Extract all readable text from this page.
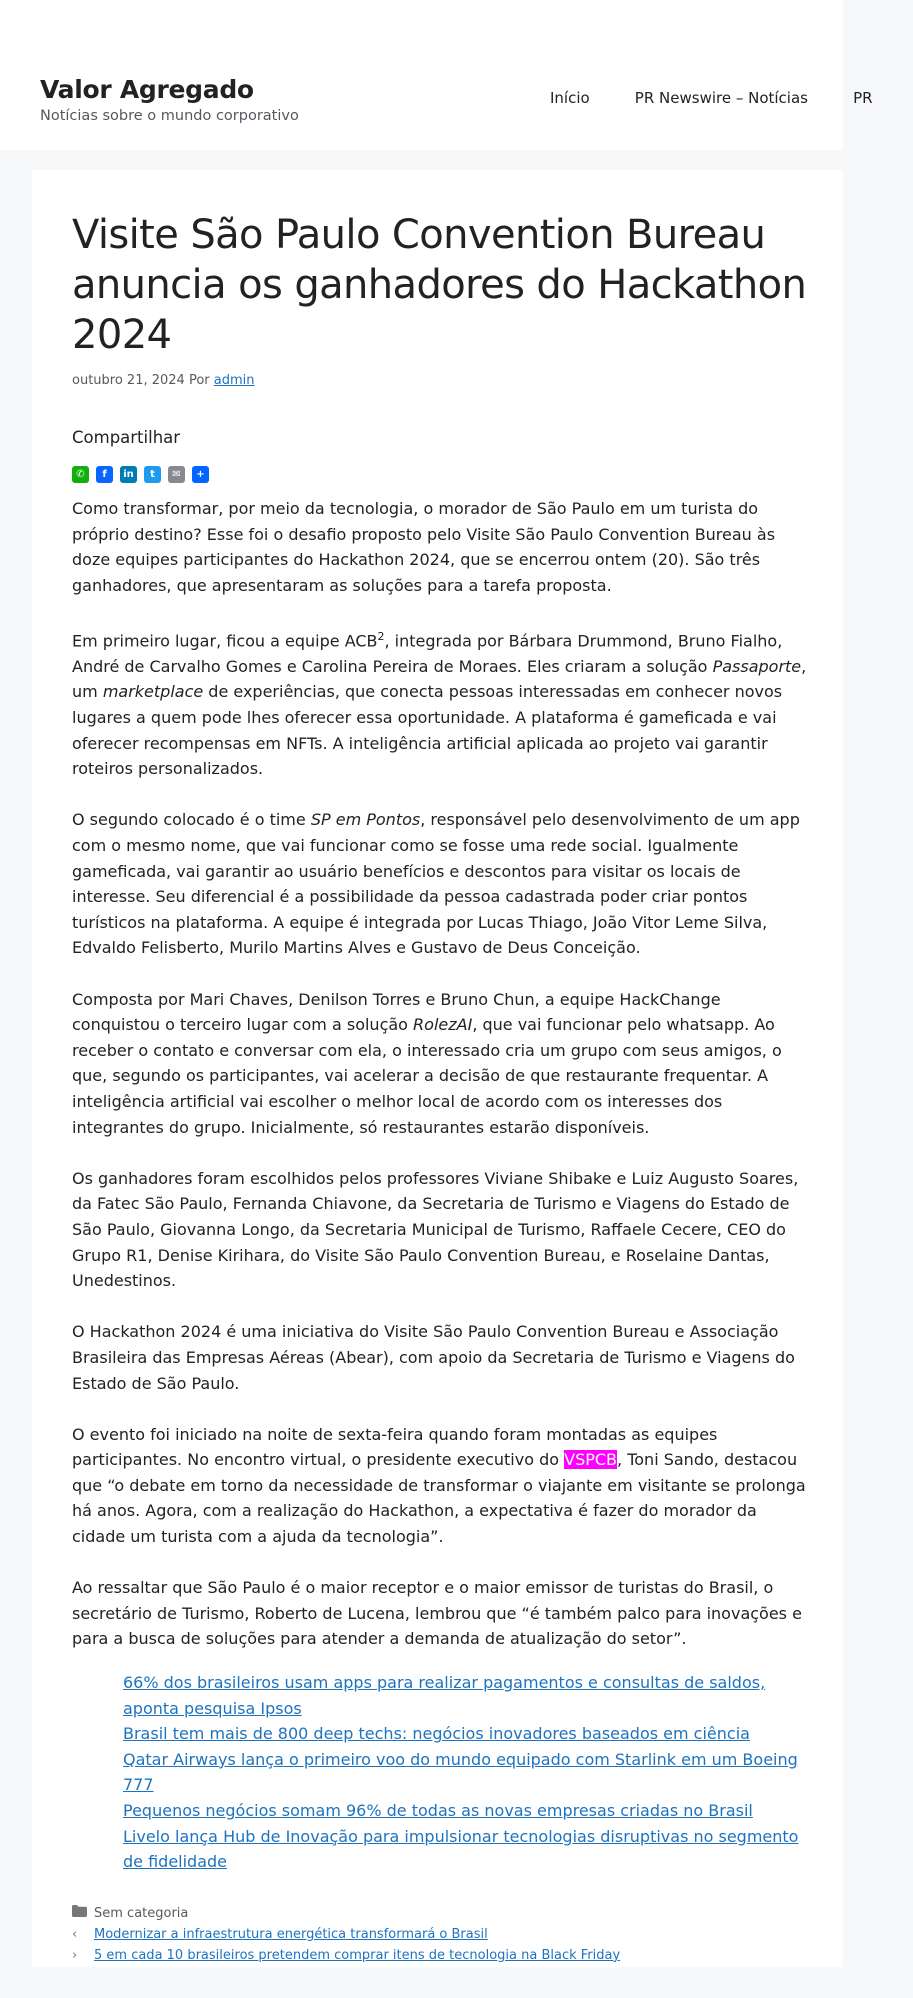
Valor Agregado
Notícias sobre o mundo corporativo
Início	PR Newswire – Notícias	PR
Visite São Paulo Convention Bureau anuncia os ganhadores do Hackathon 2024
outubro 21, 2024 Por admin
Compartilhar
✆	f	in	t	✉	+

Como transformar, por meio da tecnologia, o morador de São Paulo em um turista do próprio destino? Esse foi o desafio proposto pelo Visite São Paulo Convention Bureau às doze equipes participantes do Hackathon 2024, que se encerrou ontem (20). São três ganhadores, que apresentaram as soluções para a tarefa proposta.

Em primeiro lugar, ficou a equipe ACB$^2$, integrada por Bárbara Drummond, Bruno Fialho, André de Carvalho Gomes e Carolina Pereira de Moraes. Eles criaram a solução Passaporte, um marketplace de experiências, que conecta pessoas interessadas em conhecer novos lugares a quem pode lhes oferecer essa oportunidade. A plataforma é gameficada e vai oferecer recompensas em NFTs. A inteligência artificial aplicada ao projeto vai garantir roteiros personalizados.

O segundo colocado é o time SP em Pontos, responsável pelo desenvolvimento de um app com o mesmo nome, que vai funcionar como se fosse uma rede social. Igualmente gameficada, vai garantir ao usuário benefícios e descontos para visitar os locais de interesse. Seu diferencial é a possibilidade da pessoa cadastrada poder criar pontos turísticos na plataforma. A equipe é integrada por Lucas Thiago, João Vitor Leme Silva, Edvaldo Felisberto, Murilo Martins Alves e Gustavo de Deus Conceição.

Composta por Mari Chaves, Denilson Torres e Bruno Chun, a equipe HackChange conquistou o terceiro lugar com a solução RolezAI, que vai funcionar pelo whatsapp. Ao receber o contato e conversar com ela, o interessado cria um grupo com seus amigos, o que, segundo os participantes, vai acelerar a decisão de que restaurante frequentar. A inteligência artificial vai escolher o melhor local de acordo com os interesses dos integrantes do grupo. Inicialmente, só restaurantes estarão disponíveis.

Os ganhadores foram escolhidos pelos professores Viviane Shibake e Luiz Augusto Soares, da Fatec São Paulo, Fernanda Chiavone, da Secretaria de Turismo e Viagens do Estado de São Paulo, Giovanna Longo, da Secretaria Municipal de Turismo, Raffaele Cecere, CEO do Grupo R1, Denise Kirihara, do Visite São Paulo Convention Bureau, e Roselaine Dantas, Unedestinos.

O Hackathon 2024 é uma iniciativa do Visite São Paulo Convention Bureau e Associação Brasileira das Empresas Aéreas (Abear), com apoio da Secretaria de Turismo e Viagens do Estado de São Paulo.

O evento foi iniciado na noite de sexta-feira quando foram montadas as equipes participantes. No encontro virtual, o presidente executivo do VSPCB, Toni Sando, destacou que “o debate em torno da necessidade de transformar o viajante em visitante se prolonga há anos. Agora, com a realização do Hackathon, a expectativa é fazer do morador da cidade um turista com a ajuda da tecnologia”.

Ao ressaltar que São Paulo é o maior receptor e o maior emissor de turistas do Brasil, o secretário de Turismo, Roberto de Lucena, lembrou que “é também palco para inovações e para a busca de soluções para atender a demanda de atualização do setor”.

66% dos brasileiros usam apps para realizar pagamentos e consultas de saldos, aponta pesquisa Ipsos
Brasil tem mais de 800 deep techs: negócios inovadores baseados em ciência
Qatar Airways lança o primeiro voo do mundo equipado com Starlink em um Boeing 777
Pequenos negócios somam 96% de todas as novas empresas criadas no Brasil
Livelo lança Hub de Inovação para impulsionar tecnologias disruptivas no segmento de fidelidade
Sem categoria
‹	Modernizar a infraestrutura energética transformará o Brasil
›	5 em cada 10 brasileiros pretendem comprar itens de tecnologia na Black Friday
